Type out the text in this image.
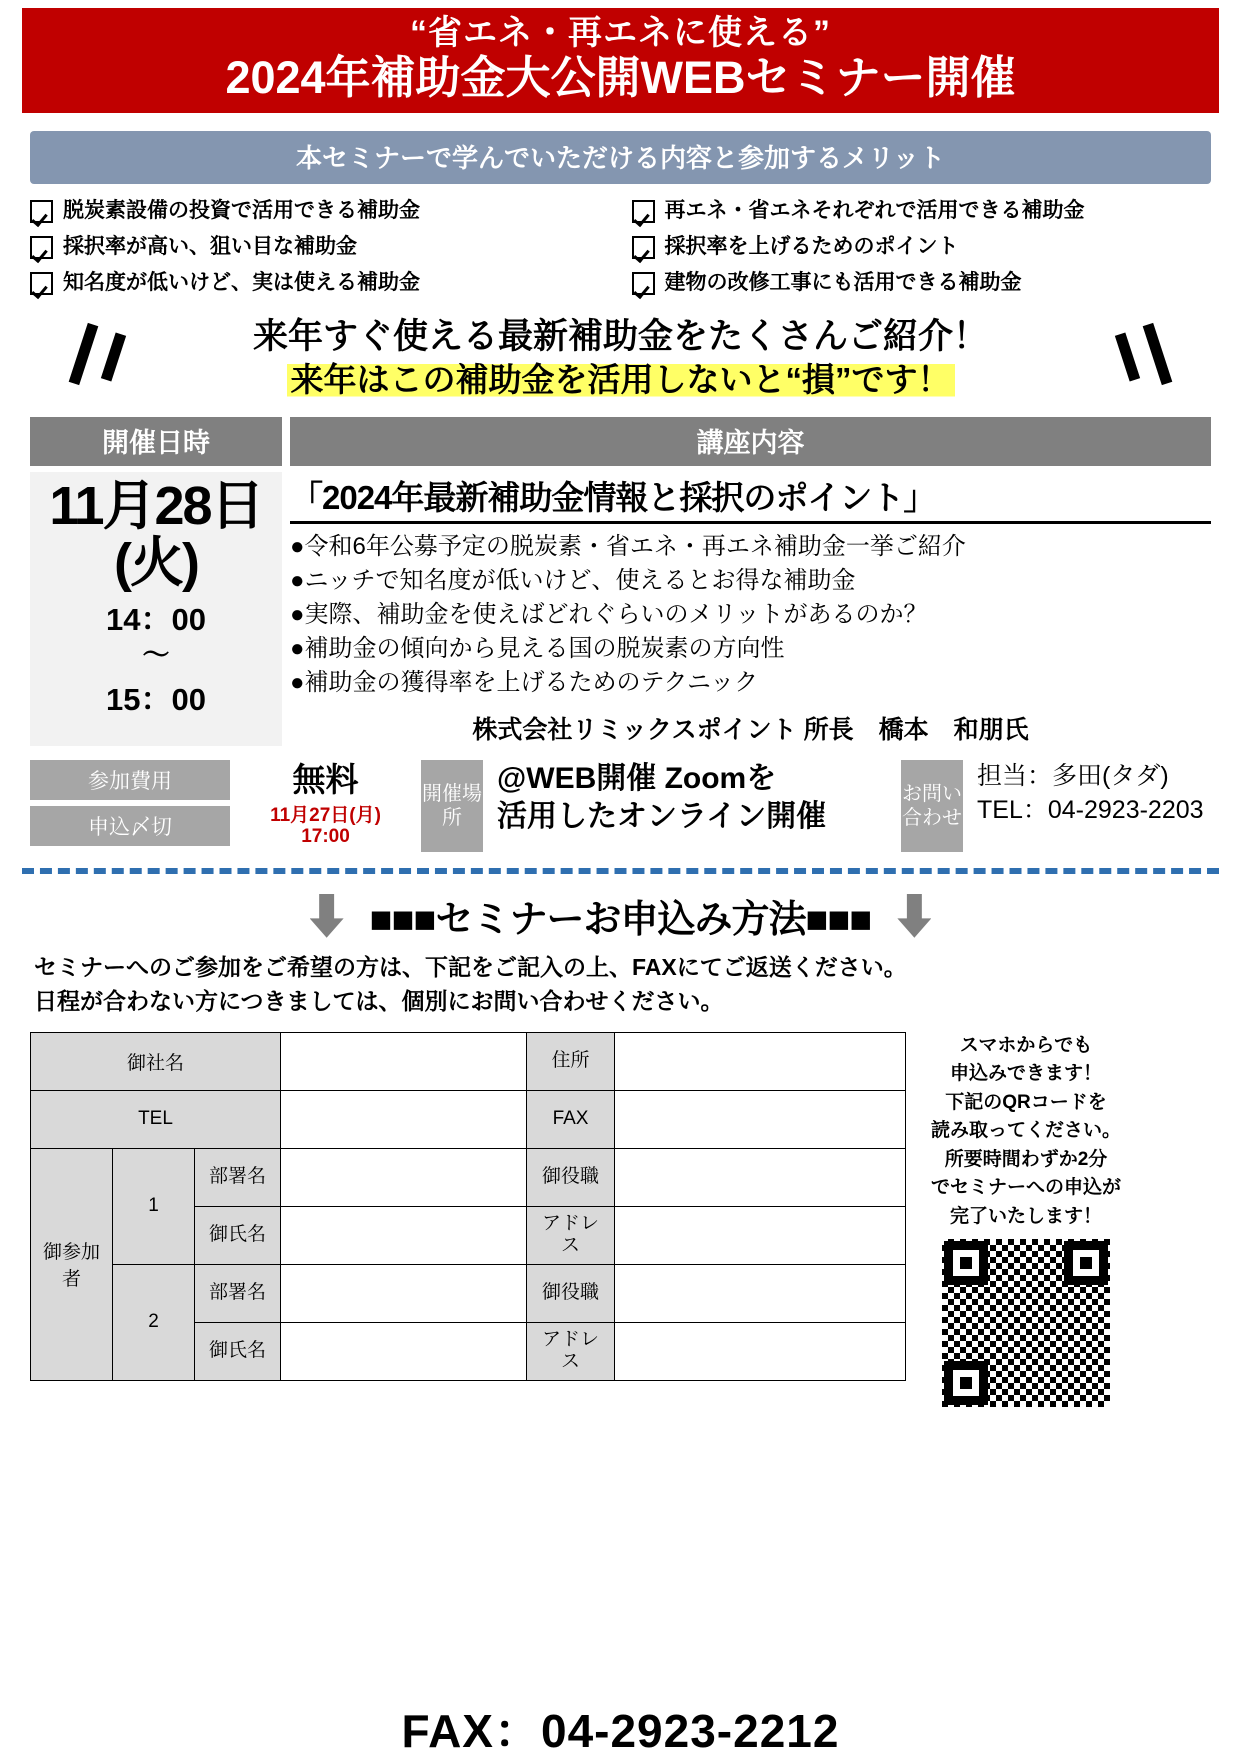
“省エネ・再エネに使える”
2024年補助金大公開WEBセミナー開催
本セミナーで学んでいただける内容と参加するメリット
脱炭素設備の投資で活用できる補助金
採択率が高い、狙い目な補助金
知名度が低いけど、実は使える補助金
再エネ・省エネそれぞれで活用できる補助金
採択率を上げるためのポイント
建物の改修工事にも活用できる補助金
来年すぐ使える最新補助金をたくさんご紹介！
来年はこの補助金を活用しないと“損”です！
開催日時	講座内容
11月28日(火)
14：00
～
15：00
「2024年最新補助金情報と採択のポイント」
●令和6年公募予定の脱炭素・省エネ・再エネ補助金一挙ご紹介
●ニッチで知名度が低いけど、使えるとお得な補助金
●実際、補助金を使えばどれぐらいのメリットがあるのか？
●補助金の傾向から見える国の脱炭素の方向性
●補助金の獲得率を上げるためのテクニック
株式会社リミックスポイント 所長　橋本　和朋氏
参加費用
申込〆切
無料
11月27日(月)
17:00
開催場所
@WEB開催 Zoomを
活用したオンライン開催
お問い合わせ
担当：多田(タダ)
TEL：04-2923-2203
■■■セミナーお申込み方法■■■
セミナーへのご参加をご希望の方は、下記をご記入の上、FAXにてご返送ください。
日程が合わない方につきましては、個別にお問い合わせください。
御社名				住所	
TEL				FAX	
御参加者	1	部署名		御役職	
		御氏名		アドレス	
	2	部署名		御役職	
		御氏名		アドレス	
スマホからでも
申込みできます！
下記のQRコードを
読み取ってください。
所要時間わずか2分
でセミナーへの申込が
完了いたします！
FAX：04-2923-2212
